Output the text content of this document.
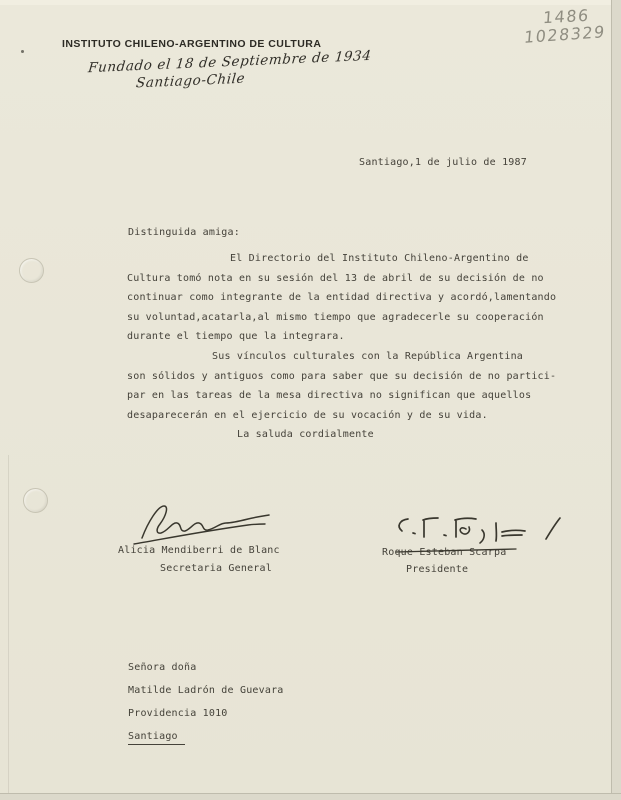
1486
1028329
INSTITUTO CHILENO-ARGENTINO DE CULTURA
Fundado el 18 de Septiembre de 1934
Santiago-Chile
Santiago,1 de julio de 1987
Distinguida amiga:
El Directorio del Instituto Chileno-Argentino de
Cultura tomó nota en su sesión del 13 de abril de su decisión de no
continuar como integrante de la entidad directiva y acordó,lamentando
su voluntad,acatarla,al mismo tiempo que agradecerle su cooperación
durante el tiempo que la integrara.
Sus vínculos culturales con la República Argentina
son sólidos y antiguos como para saber que su decisión de no partici-
par en las tareas de la mesa directiva no significan que aquellos
desaparecerán en el ejercicio de su vocación y de su vida.
La saluda cordialmente
Alicia Mendiberri de Blanc
Secretaria General
Roque Esteban Scarpa
Presidente
Señora doña
Matilde Ladrón de Guevara
Providencia 1010
Santiago
